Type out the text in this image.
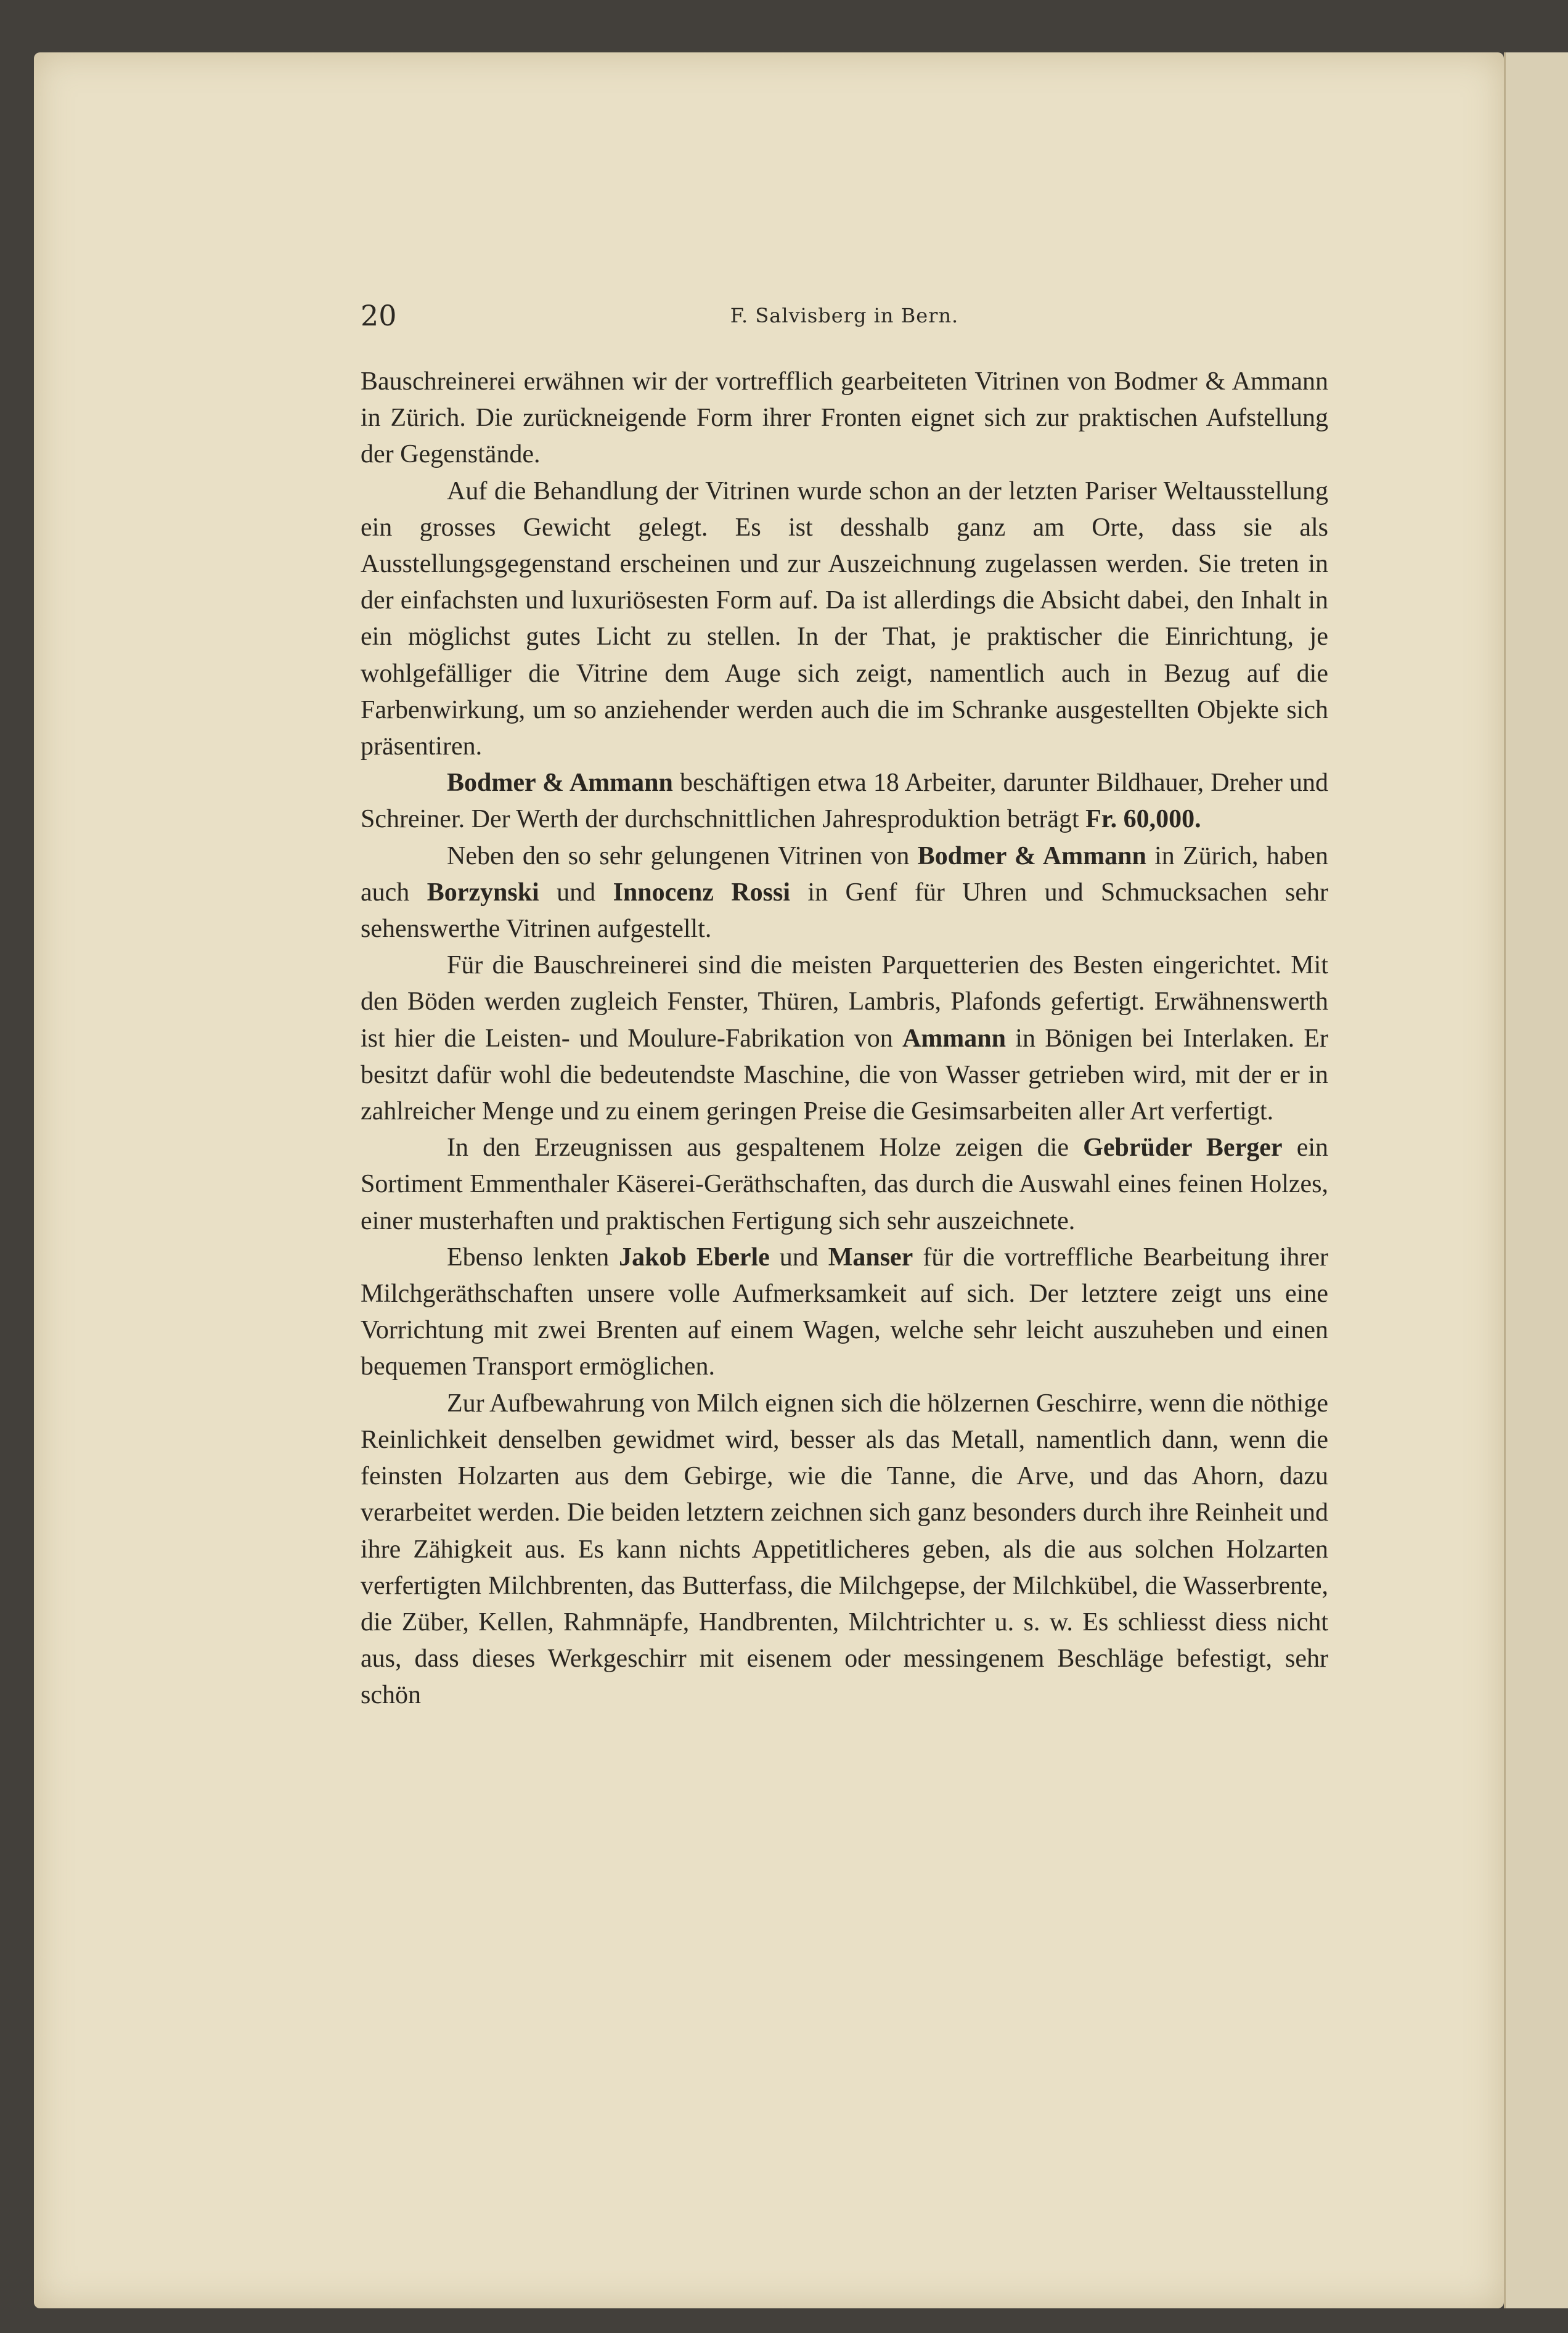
20	F. Salvisberg in Bern.

Bauschreinerei erwähnen wir der vortrefflich gearbeiteten Vitrinen von Bodmer & Ammann in Zürich. Die zurückneigende Form ihrer Fronten eignet sich zur praktischen Aufstellung der Gegenstände.

Auf die Behandlung der Vitrinen wurde schon an der letzten Pariser Weltausstellung ein grosses Gewicht gelegt. Es ist desshalb ganz am Orte, dass sie als Ausstellungsgegenstand erscheinen und zur Auszeichnung zugelassen werden. Sie treten in der einfachsten und luxuriösesten Form auf. Da ist allerdings die Absicht dabei, den Inhalt in ein möglichst gutes Licht zu stellen. In der That, je praktischer die Einrichtung, je wohlgefälliger die Vitrine dem Auge sich zeigt, namentlich auch in Bezug auf die Farbenwirkung, um so anziehender werden auch die im Schranke ausgestellten Objekte sich präsentiren.

Bodmer & Ammann beschäftigen etwa 18 Arbeiter, darunter Bildhauer, Dreher und Schreiner. Der Werth der durchschnittlichen Jahresproduktion beträgt Fr. 60,000.

Neben den so sehr gelungenen Vitrinen von Bodmer & Ammann in Zürich, haben auch Borzynski und Innocenz Rossi in Genf für Uhren und Schmucksachen sehr sehenswerthe Vitrinen aufgestellt.

Für die Bauschreinerei sind die meisten Parquetterien des Besten eingerichtet. Mit den Böden werden zugleich Fenster, Thüren, Lambris, Plafonds gefertigt. Erwähnenswerth ist hier die Leisten- und Moulure-Fabrikation von Ammann in Bönigen bei Interlaken. Er besitzt dafür wohl die bedeutendste Maschine, die von Wasser getrieben wird, mit der er in zahlreicher Menge und zu einem geringen Preise die Gesimsarbeiten aller Art verfertigt.

In den Erzeugnissen aus gespaltenem Holze zeigen die Gebrüder Berger ein Sortiment Emmenthaler Käserei-Geräthschaften, das durch die Auswahl eines feinen Holzes, einer musterhaften und praktischen Fertigung sich sehr auszeichnete.

Ebenso lenkten Jakob Eberle und Manser für die vortreffliche Bearbeitung ihrer Milchgeräthschaften unsere volle Aufmerksamkeit auf sich. Der letztere zeigt uns eine Vorrichtung mit zwei Brenten auf einem Wagen, welche sehr leicht auszuheben und einen bequemen Transport ermöglichen.

Zur Aufbewahrung von Milch eignen sich die hölzernen Geschirre, wenn die nöthige Reinlichkeit denselben gewidmet wird, besser als das Metall, namentlich dann, wenn die feinsten Holzarten aus dem Gebirge, wie die Tanne, die Arve, und das Ahorn, dazu verarbeitet werden. Die beiden letztern zeichnen sich ganz besonders durch ihre Reinheit und ihre Zähigkeit aus. Es kann nichts Appetitlicheres geben, als die aus solchen Holzarten verfertigten Milchbrenten, das Butterfass, die Milchgepse, der Milchkübel, die Wasserbrente, die Züber, Kellen, Rahmnäpfe, Handbrenten, Milchtrichter u. s. w. Es schliesst diess nicht aus, dass dieses Werkgeschirr mit eisenem oder messingenem Beschläge befestigt, sehr schön
